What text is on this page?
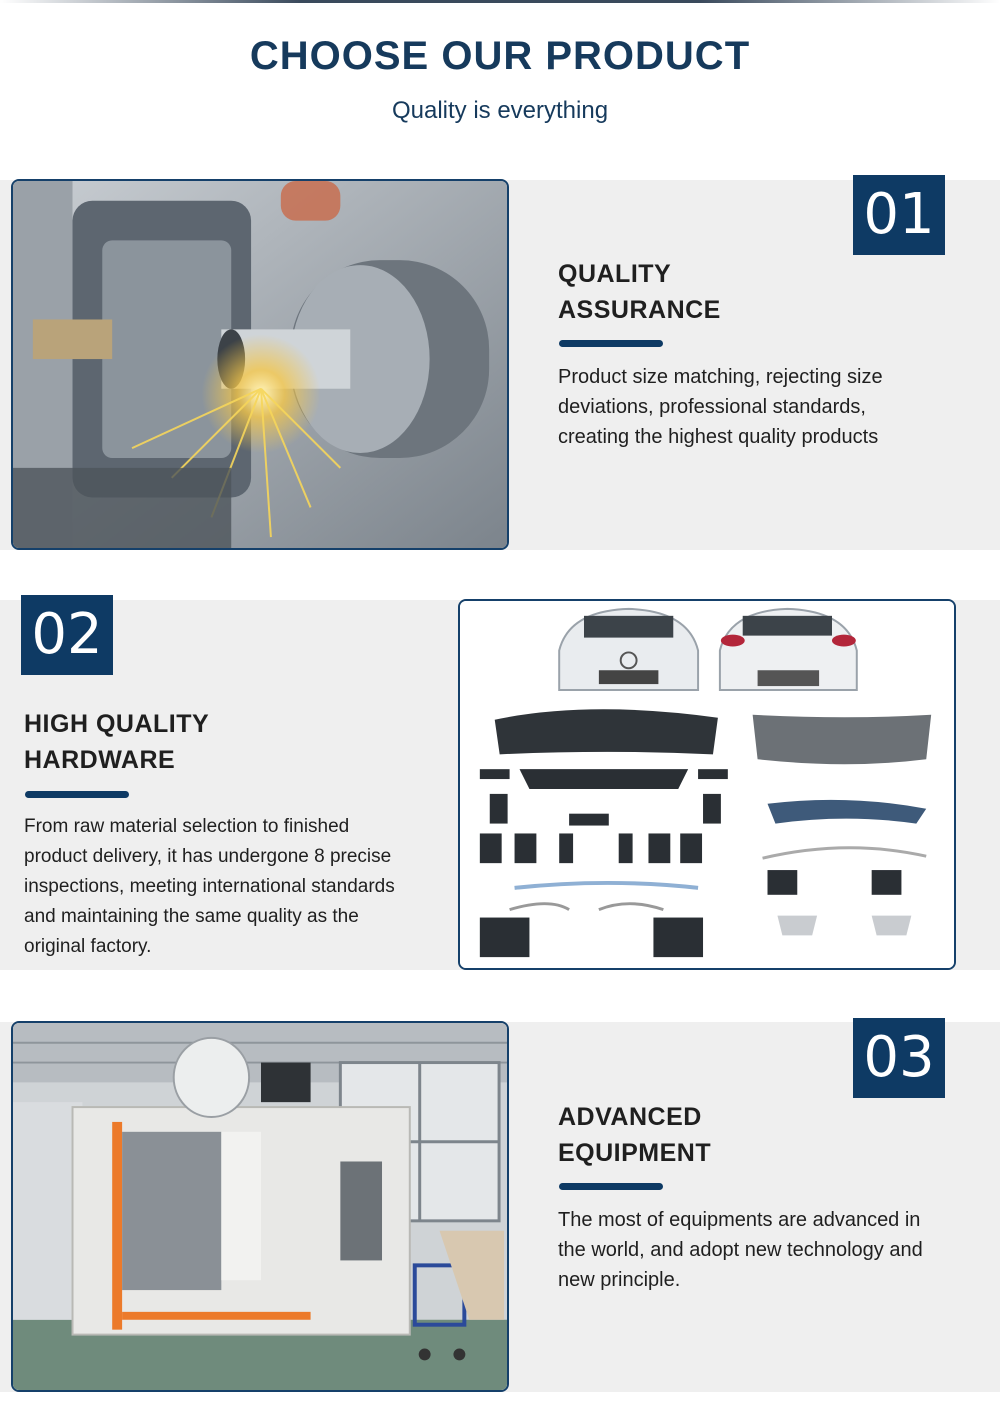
CHOOSE OUR PRODUCT
Quality is everything
01
QUALITY
ASSURANCE
Product size matching, rejecting size deviations, professional standards, creating the highest quality products
02
HIGH QUALITY
HARDWARE
From raw material selection to finished product delivery, it has undergone 8 precise inspections, meeting international standards and maintaining the same quality as the original factory.
03
ADVANCED
EQUIPMENT
The most of equipments are advanced in the world, and adopt new technology and new principle.
